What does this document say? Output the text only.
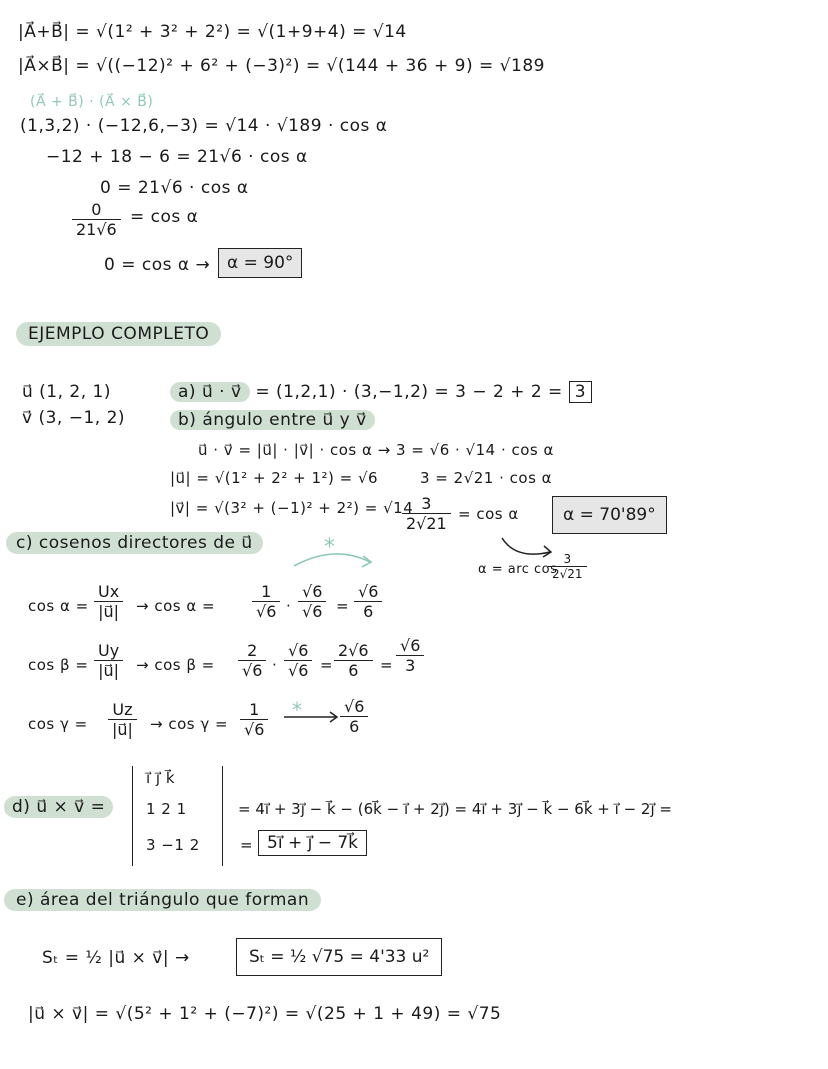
|A⃗+B⃗| = √(1² + 3² + 2²) = √(1+9+4) = √14
|A⃗×B⃗| = √((−12)² + 6² + (−3)²) = √(144 + 36 + 9) = √189
(A⃗ + B⃗) · (A⃗ × B⃗)
(1,3,2) · (−12,6,−3) = √14 · √189 · cos α
−12 + 18 − 6 = 21√6 · cos α
0 = 21√6 · cos α
$\frac{0}{21√6} = \cos \alpha$
0 = cos α → α = 90°
EJEMPLO COMPLETO
u⃗ (1, 2, 1)
v⃗ (3, −1, 2)
a) u⃗ · v⃗ = (1,2,1) · (3,−1,2) = 3 − 2 + 2 = 3
b) ángulo entre u⃗ y v⃗
u⃗ · v⃗ = |u⃗| · |v⃗| · cos α → 3 = √6 · √14 · cos α
|u⃗| = √(1² + 2² + 1²) = √6	3 = 2√21 · cos α
|v⃗| = √(3² + (−1)² + 2²) = √14
$\frac{3}{2√21} = \cos \alpha$	α = 70'89°
α = arc cos
$\frac{3}{2√21}$
c) cosenos directores de u⃗	*
$\cos \alpha = \frac{Ux}{|u⃗|} \to \cos \alpha = \frac{1}{√6} \cdot \frac{√6}{√6} = \frac{√6}{6}$
$\cos \beta = \frac{Uy}{|u⃗|} \to \cos \beta = \frac{2}{√6} \cdot \frac{√6}{√6} = \frac{2√6}{6} = \frac{√6}{3}$
$\cos \gamma = \frac{Uz}{|u⃗|} \to \cos \gamma = \frac{1}{√6} * \frac{√6}{6}$
d) u⃗ × v⃗ =
i⃗ j⃗ k⃗
1 2 1
3 −1 2
= 4i⃗ + 3j⃗ − k⃗ − (6k⃗ − i⃗ + 2j⃗) = 4i⃗ + 3j⃗ − k⃗ − 6k⃗ + i⃗ − 2j⃗ =
= 5i⃗ + j⃗ − 7k⃗
e) área del triángulo que forman
Sₜ = ½ |u⃗ × v⃗| →	Sₜ = ½ √75 = 4'33 u²
|u⃗ × v⃗| = √(5² + 1² + (−7)²) = √(25 + 1 + 49) = √75
